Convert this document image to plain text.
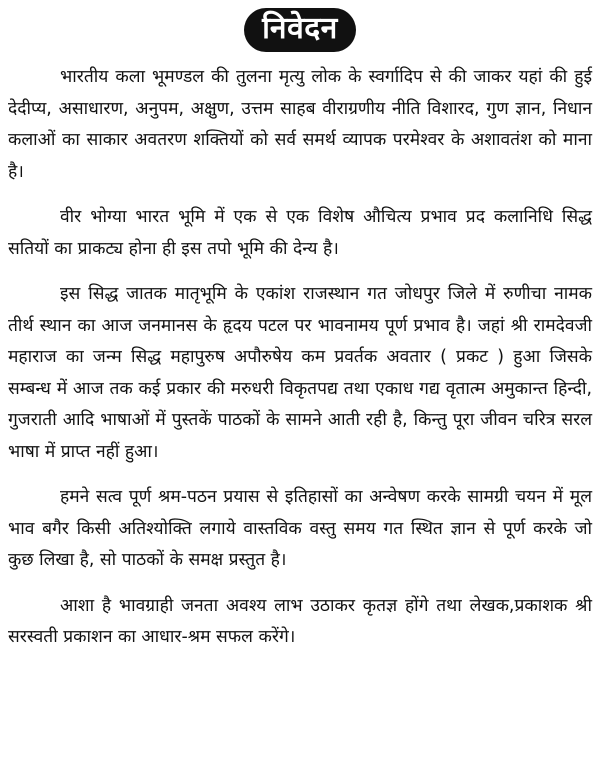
निवेदन

भारतीय कला भूमण्डल की तुलना मृत्यु लोक के स्वर्गादिप से की जाकर यहां की हुई देदीप्य, असाधारण, अनुपम, अक्षुण, उत्तम साहब वीराग्रणीय नीति विशारद, गुण ज्ञान, निधान कलाओं का साकार अवतरण शक्तियों को सर्व समर्थ व्यापक परमेश्वर के अशावतंश को माना है।

वीर भोग्या भारत भूमि में एक से एक विशेष औचित्य प्रभाव प्रद कलानिधि सिद्ध सतियों का प्राकट्य होना ही इस तपो भूमि की देन्य है।

इस सिद्ध जातक मातृभूमि के एकांश राजस्थान गत जोधपुर जिले में रुणीचा नामक तीर्थ स्थान का आज जनमानस के हृदय पटल पर भावनामय पूर्ण प्रभाव है। जहां श्री रामदेवजी महाराज का जन्म सिद्ध महापुरुष अपौरुषेय कम प्रवर्तक अवतार ( प्रकट ) हुआ जिसके सम्बन्ध में आज तक कई प्रकार की मरुधरी विकृतपद्य तथा एकाध गद्य वृतात्म अमुकान्त हिन्दी, गुजराती आदि भाषाओं में पुस्तकें पाठकों के सामने आती रही है, किन्तु पूरा जीवन चरित्र सरल भाषा में प्राप्त नहीं हुआ।

हमने सत्व पूर्ण श्रम-पठन प्रयास से इतिहासों का अन्वेषण करके सामग्री चयन में मूल भाव बगैर किसी अतिश्योक्ति लगाये वास्तविक वस्तु समय गत स्थित ज्ञान से पूर्ण करके जो कुछ लिखा है, सो पाठकों के समक्ष प्रस्तुत है।

आशा है भावग्राही जनता अवश्य लाभ उठाकर कृतज्ञ होंगे तथा लेखक,प्रकाशक श्री सरस्वती प्रकाशन का आधार-श्रम सफल करेंगे।
